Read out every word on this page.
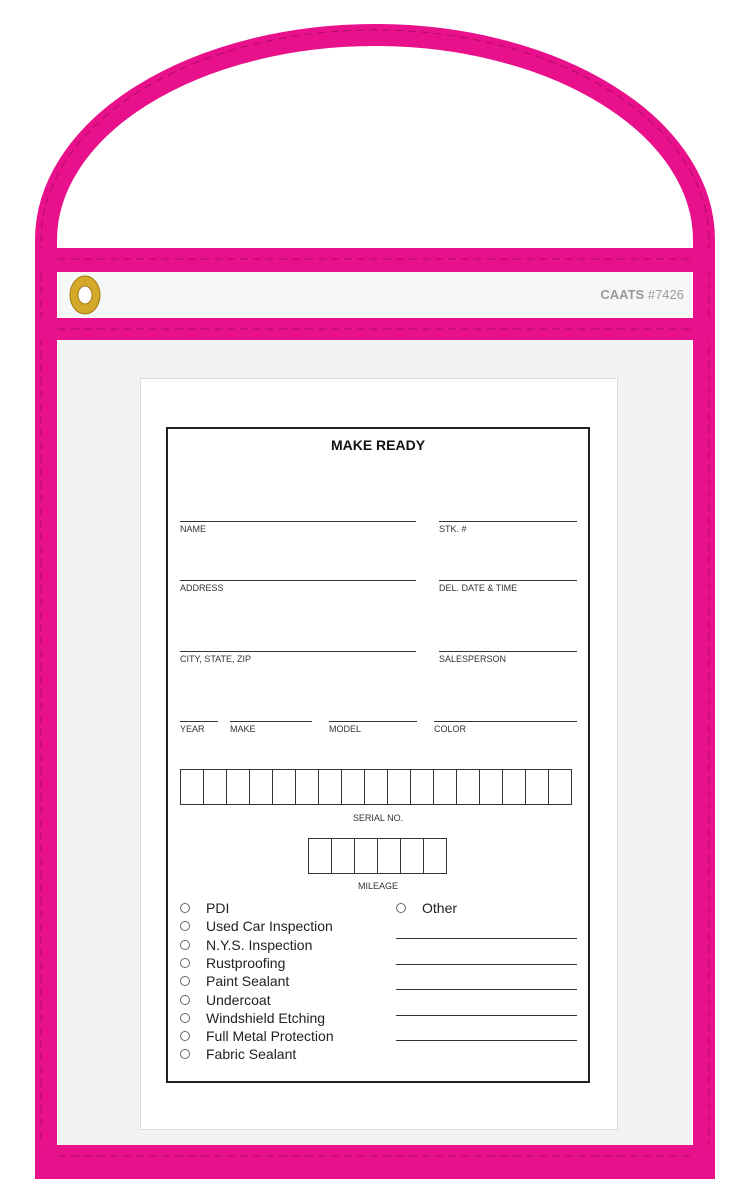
CAATS #7426
MAKE READY
NAME	STK. #
ADDRESS	DEL. DATE & TIME
CITY, STATE, ZIP	SALESPERSON
YEAR	MAKE	MODEL	COLOR
SERIAL NO.
MILEAGE
PDI
Used Car Inspection
N.Y.S. Inspection
Rustproofing
Paint Sealant
Undercoat
Windshield Etching
Full Metal Protection
Fabric Sealant
Other
